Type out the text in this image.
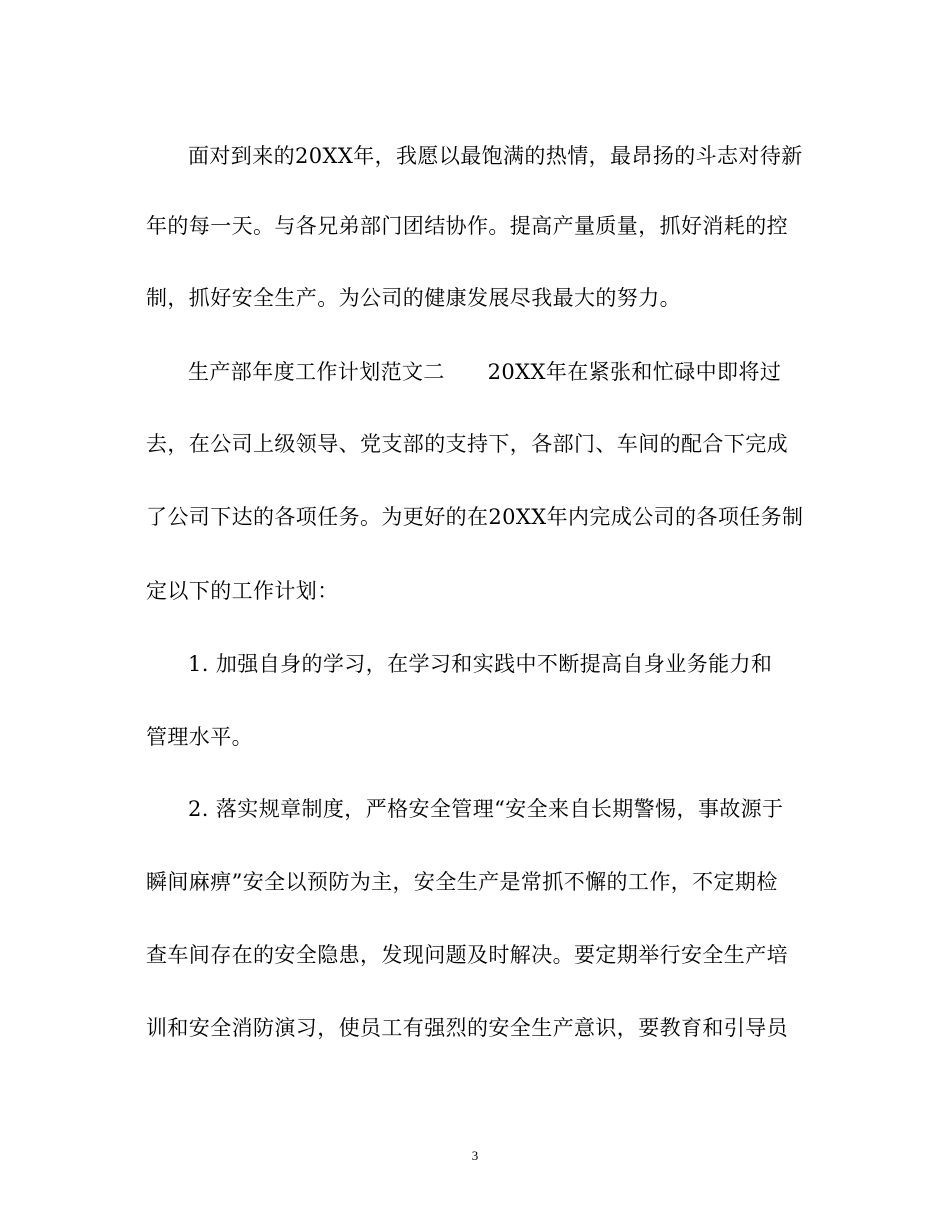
面对到来的20XX年，我愿以最饱满的热情，最昂扬的斗志对待新
年的每一天。与各兄弟部门团结协作。提高产量质量，抓好消耗的控
制，抓好安全生产。为公司的健康发展尽我最大的努力。
生产部年度工作计划范文二　　20XX年在紧张和忙碌中即将过
去，在公司上级领导、党支部的支持下，各部门、车间的配合下完成
了公司下达的各项任务。为更好的在20XX年内完成公司的各项任务制
定以下的工作计划：
1. 加强自身的学习，在学习和实践中不断提高自身业务能力和
管理水平。
2. 落实规章制度，严格安全管理“安全来自长期警惕，事故源于
瞬间麻痹”安全以预防为主，安全生产是常抓不懈的工作，不定期检
查车间存在的安全隐患，发现问题及时解决。要定期举行安全生产培
训和安全消防演习，使员工有强烈的安全生产意识，要教育和引导员
3
